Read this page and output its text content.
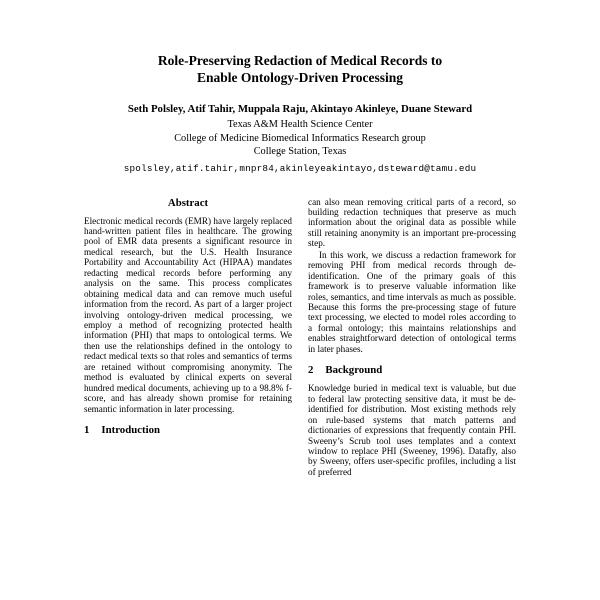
Role-Preserving Redaction of Medical Records to
Enable Ontology-Driven Processing
Seth Polsley, Atif Tahir, Muppala Raju, Akintayo Akinleye, Duane Steward
Texas A&M Health Science Center
College of Medicine Biomedical Informatics Research group
College Station, Texas
spolsley,atif.tahir,mnpr84,akinleyeakintayo,dsteward@tamu.edu
Abstract

Electronic medical records (EMR) have largely replaced hand-written patient files in healthcare. The growing pool of EMR data presents a significant resource in medical research, but the U.S. Health Insurance Portability and Accountability Act (HIPAA) mandates redacting medical records before performing any analysis on the same. This process complicates obtaining medical data and can remove much useful information from the record. As part of a larger project involving ontology-driven medical processing, we employ a method of recognizing protected health information (PHI) that maps to ontological terms. We then use the relationships defined in the ontology to redact medical texts so that roles and semantics of terms are retained without compromising anonymity. The method is evaluated by clinical experts on several hundred medical documents, achieving up to a 98.8% f-score, and has already shown promise for retaining semantic information in later processing.

1 Introduction

can also mean removing critical parts of a record, so building redaction techniques that preserve as much information about the original data as possible while still retaining anonymity is an important pre-processing step.

In this work, we discuss a redaction framework for removing PHI from medical records through de-identification. One of the primary goals of this framework is to preserve valuable information like roles, semantics, and time intervals as much as possible. Because this forms the pre-processing stage of future text processing, we elected to model roles according to a formal ontology; this maintains relationships and enables straightforward detection of ontological terms in later phases.

2 Background

Knowledge buried in medical text is valuable, but due to federal law protecting sensitive data, it must be de-identified for distribution. Most existing methods rely on rule-based systems that match patterns and dictionaries of expressions that frequently contain PHI. Sweeny’s Scrub tool uses templates and a context window to replace PHI (Sweeney, 1996). Datafly, also by Sweeny, offers user-specific profiles, including a list of preferred
